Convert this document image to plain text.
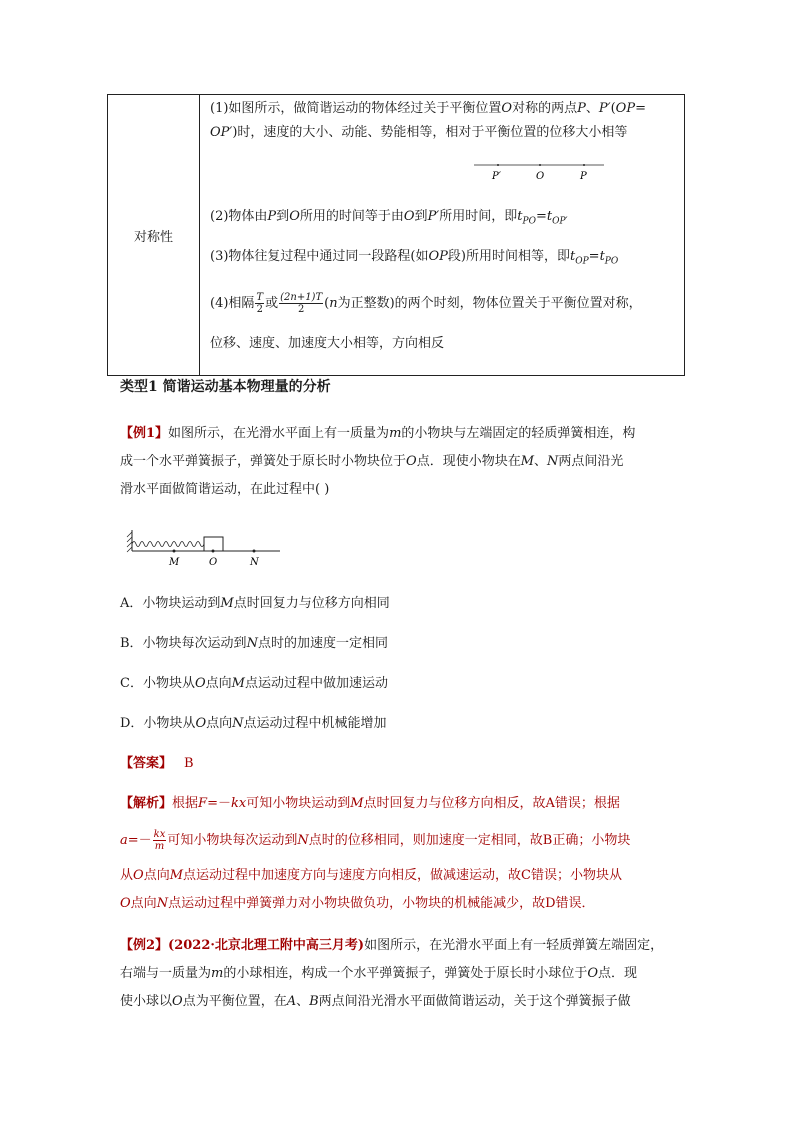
对称性
(1)如图所示，做简谐运动的物体经过关于平衡位置O对称的两点P、P′(OP=
OP′)时，速度的大小、动能、势能相等，相对于平衡位置的位移大小相等
P′	O	P
(2)物体由P到O所用的时间等于由O到P′所用时间，即$t_{PO}=t_{OP'}$
(3)物体往复过程中通过同一段路程(如OP段)所用时间相等，即$t_{OP}=t_{PO}$
(4)相隔 $\frac{T}{2}$ 或 $\frac{(2n+1)T}{2} (n$为正整数)的两个时刻，物体位置关于平衡位置对称，
位移、速度、加速度大小相等，方向相反
类型1 简谐运动基本物理量的分析
【例1】如图所示，在光滑水平面上有一质量为m的小物块与左端固定的轻质弹簧相连，构
成一个水平弹簧振子，弹簧处于原长时小物块位于O点．现使小物块在M、N两点间沿光
滑水平面做简谐运动，在此过程中( )
M	O	N
A．小物块运动到M点时回复力与位移方向相同
B．小物块每次运动到N点时的加速度一定相同
C．小物块从O点向M点运动过程中做加速运动
D．小物块从O点向N点运动过程中机械能增加
【答案】 B
【解析】根据F=－kx可知小物块运动到M点时回复力与位移方向相反，故A错误；根据
$a=- \frac{kx}{m}$ 可知小物块每次运动到N点时的位移相同，则加速度一定相同，故B正确；小物块
从O点向M点运动过程中加速度方向与速度方向相反，做减速运动，故C错误；小物块从
O点向N点运动过程中弹簧弹力对小物块做负功，小物块的机械能减少，故D错误．
【例2】(2022·北京北理工附中高三月考)如图所示，在光滑水平面上有一轻质弹簧左端固定，
右端与一质量为m的小球相连，构成一个水平弹簧振子，弹簧处于原长时小球位于O点．现
使小球以O点为平衡位置，在A、B两点间沿光滑水平面做简谐运动，关于这个弹簧振子做
